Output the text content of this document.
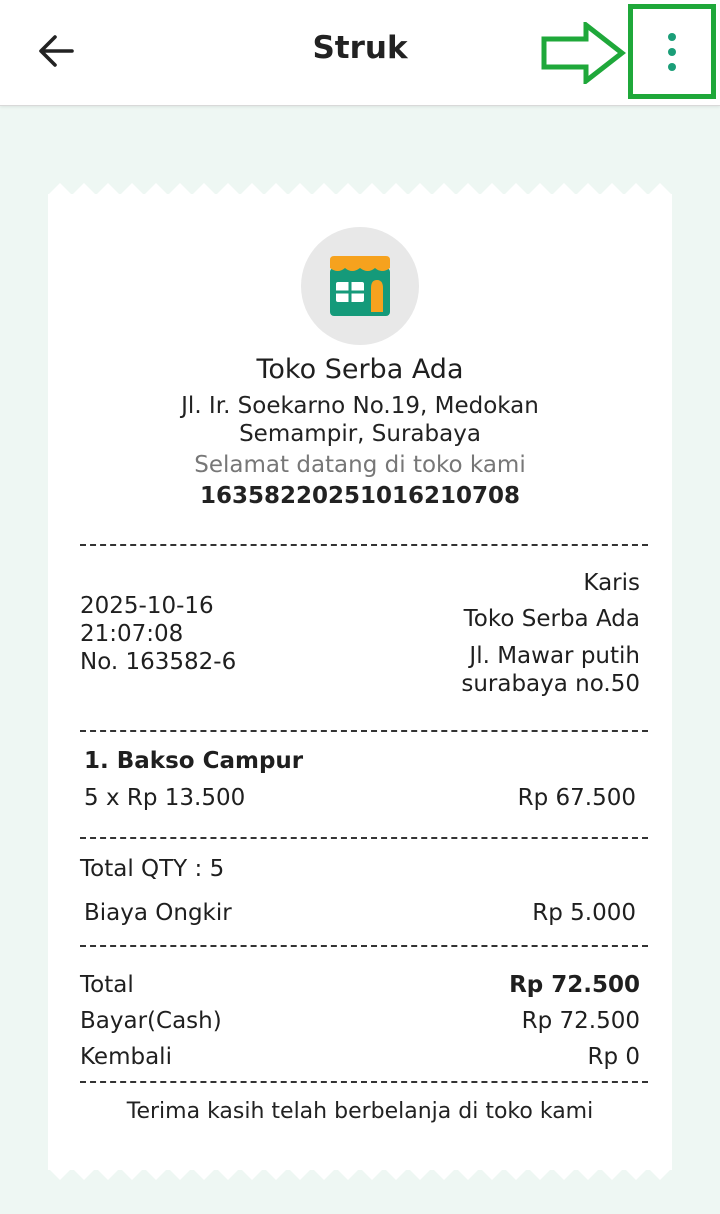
Struk
Toko Serba Ada
Jl. Ir. Soekarno No.19, Medokan Semampir, Surabaya
Selamat datang di toko kami
16358220251016210708
2025-10-16
21:07:08
No. 163582-6
Karis
Toko Serba Ada
Jl. Mawar putih surabaya no.50
1. Bakso Campur
5 x Rp 13.500	Rp 67.500
Total QTY : 5
Biaya Ongkir	Rp 5.000
Total	Rp 72.500
Bayar(Cash)	Rp 72.500
Kembali	Rp 0
Terima kasih telah berbelanja di toko kami
